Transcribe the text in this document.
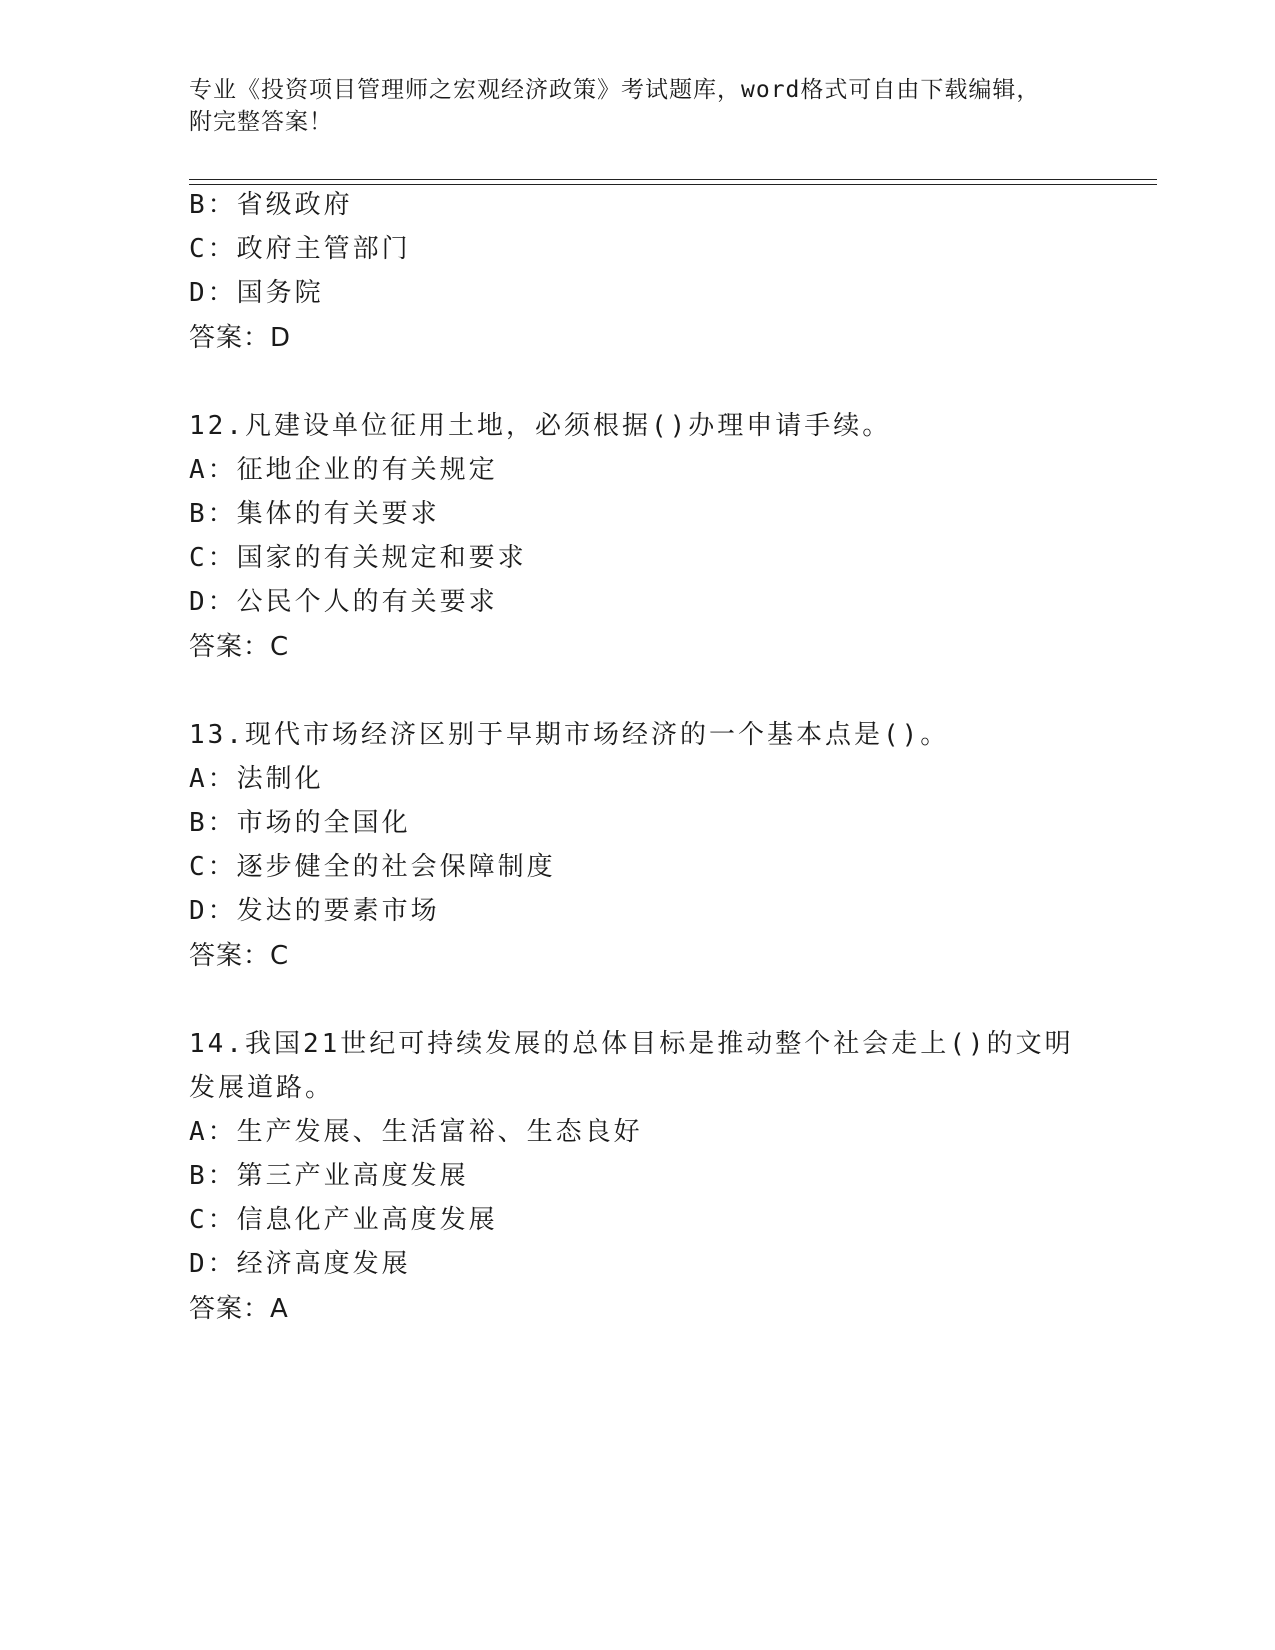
专业《投资项目管理师之宏观经济政策》考试题库，word格式可自由下载编辑，
附完整答案！
B：省级政府
C：政府主管部门
D：国务院
答案：D
12.凡建设单位征用土地，必须根据()办理申请手续。
A：征地企业的有关规定
B：集体的有关要求
C：国家的有关规定和要求
D：公民个人的有关要求
答案：C
13.现代市场经济区别于早期市场经济的一个基本点是()。
A：法制化
B：市场的全国化
C：逐步健全的社会保障制度
D：发达的要素市场
答案：C
14.我国21世纪可持续发展的总体目标是推动整个社会走上()的文明
发展道路。
A：生产发展、生活富裕、生态良好
B：第三产业高度发展
C：信息化产业高度发展
D：经济高度发展
答案：A
